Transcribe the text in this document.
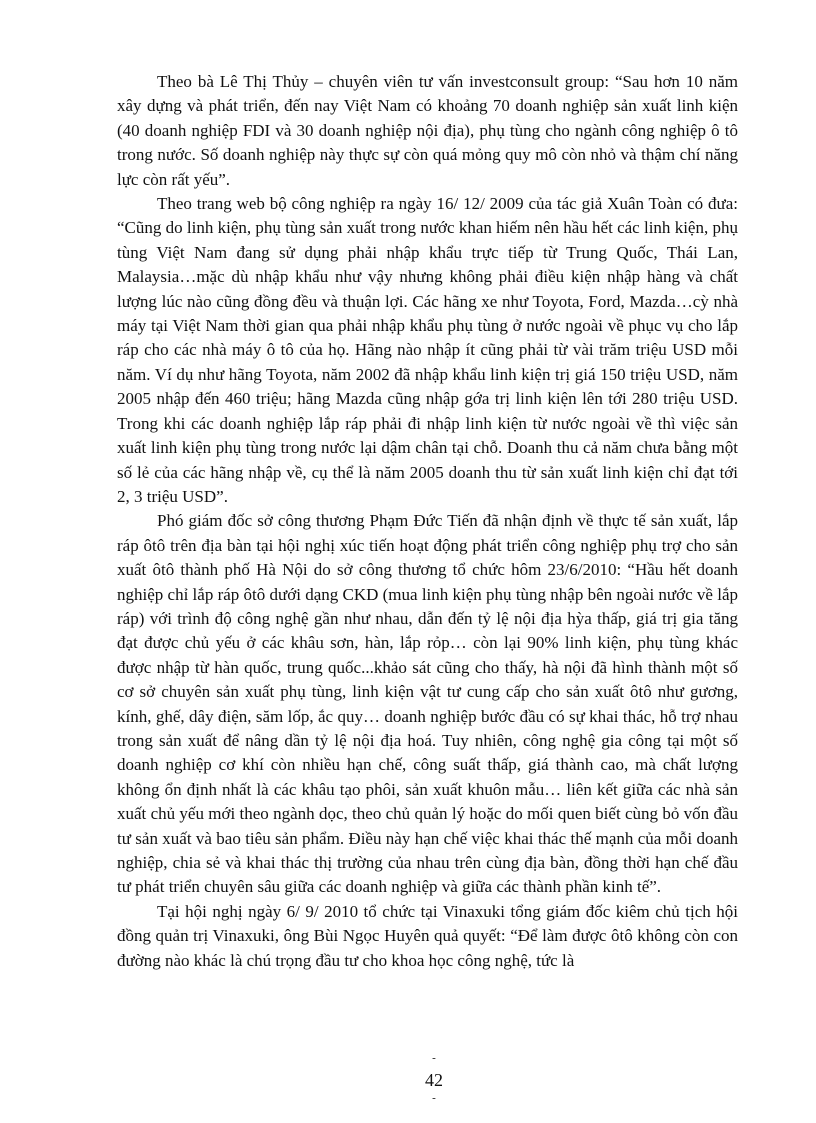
Theo bà Lê Thị Thủy – chuyên viên tư vấn investconsult group: “Sau hơn 10 năm xây dựng và phát triển, đến nay Việt Nam có khoảng 70 doanh nghiệp sản xuất linh kiện (40 doanh nghiệp FDI và 30 doanh nghiệp nội địa), phụ tùng cho ngành công nghiệp ô tô trong nước. Số doanh nghiệp này thực sự còn quá mỏng quy mô còn nhỏ và thậm chí năng lực còn rất yếu”.

Theo trang web bộ công nghiệp ra ngày 16/ 12/ 2009 của tác giả Xuân Toàn có đưa: “Cũng do linh kiện, phụ tùng sản xuất trong nước khan hiếm nên hầu hết các linh kiện, phụ tùng Việt Nam đang sử dụng phải nhập khẩu trực tiếp từ Trung Quốc, Thái Lan, Malaysia…mặc dù nhập khẩu như vậy nhưng không phải điều kiện nhập hàng và chất lượng lúc nào cũng đồng đều và thuận lợi. Các hãng xe như Toyota, Ford, Mazda…cỳ nhà máy tại Việt Nam thời gian qua phải nhập khẩu phụ tùng ở nước ngoài về phục vụ cho lắp ráp cho các nhà máy ô tô của họ. Hãng nào nhập ít cũng phải từ vài trăm triệu USD mỗi năm. Ví dụ như hãng Toyota, năm 2002 đã nhập khẩu linh kiện trị giá 150 triệu USD, năm 2005 nhập đến 460 triệu; hãng Mazda cũng nhập gớa trị linh kiện lên tới 280 triệu USD. Trong khi các doanh nghiệp lắp ráp phải đi nhập linh kiện từ nước ngoài về thì việc sản xuất linh kiện phụ tùng trong nước lại dậm chân tại chỗ. Doanh thu cả năm chưa bằng một số lẻ của các hãng nhập về, cụ thể là năm 2005 doanh thu từ sản xuất linh kiện chỉ đạt tới 2, 3 triệu USD”.

Phó giám đốc sở công thương Phạm Đức Tiến đã nhận định về thực tế sản xuất, lắp ráp ôtô trên địa bàn tại hội nghị xúc tiến hoạt động phát triển công nghiệp phụ trợ cho sản xuất ôtô thành phố Hà Nội do sở công thương tổ chức hôm 23/6/2010: “Hầu hết doanh nghiệp chỉ lắp ráp ôtô dưới dạng CKD (mua linh kiện phụ tùng nhập bên ngoài nước về lắp ráp) với trình độ công nghệ gần như nhau, dẫn đến tỷ lệ nội địa hỳa thấp, giá trị gia tăng đạt được chủ yếu ở các khâu sơn, hàn, lắp rỏp… còn lại 90% linh kiện, phụ tùng khác được nhập từ hàn quốc, trung quốc...khảo sát cũng cho thấy, hà nội đã hình thành một số cơ sở chuyên sản xuất phụ tùng, linh kiện vật tư cung cấp cho sản xuất ôtô như gương, kính, ghế, dây điện, săm lốp, ắc quy… doanh nghiệp bước đầu có sự khai thác, hỗ trợ nhau trong sản xuất để nâng dần tỷ lệ nội địa hoá. Tuy nhiên, công nghệ gia công tại một số doanh nghiệp cơ khí còn nhiều hạn chế, công suất thấp, giá thành cao, mà chất lượng không ổn định nhất là các khâu tạo phôi, sản xuất khuôn mẫu… liên kết giữa các nhà sản xuất chủ yếu mới theo ngành dọc, theo chủ quản lý hoặc do mối quen biết cùng bỏ vốn đầu tư sản xuất và bao tiêu sản phẩm. Điều này hạn chế việc khai thác thế mạnh của mỗi doanh nghiệp, chia sẻ và khai thác thị trường của nhau trên cùng địa bàn, đồng thời hạn chế đầu tư phát triển chuyên sâu giữa các doanh nghiệp và giữa các thành phần kinh tế”.

Tại hội nghị ngày 6/ 9/ 2010 tổ chức tại Vinaxuki tổng giám đốc kiêm chủ tịch hội đồng quản trị Vinaxuki, ông Bùi Ngọc Huyên quả quyết: “Để làm được ôtô không còn con đường nào khác là chú trọng đầu tư cho khoa học công nghệ, tức là

-
42
-
